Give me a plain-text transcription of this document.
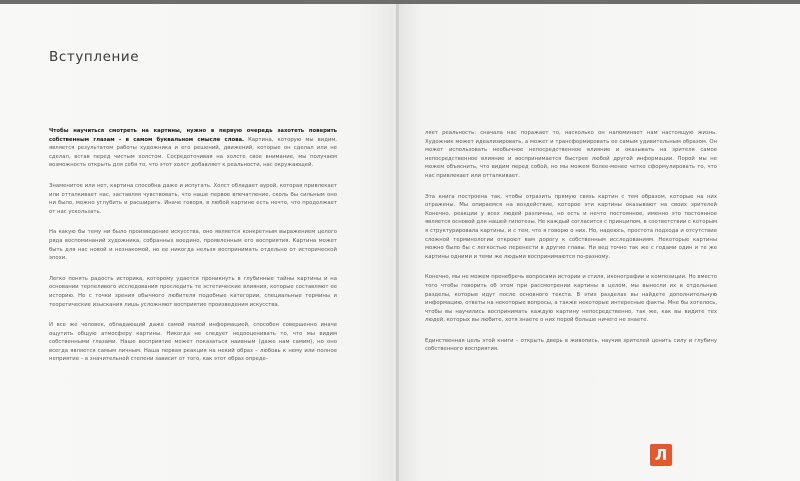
Вступление

Чтобы научиться смотреть на картины, нужно в первую очередь захотеть поверить собственным глазам – в самом буквальном смысле слова. Картина, которую мы видим, является результатом работы художника и его решений, движений, которые он сделал или не сделал, встав перед чистым холстом. Сосредоточивая на холсте свое внимание, мы получаем возможность открыть для себя то, что этот холст добавляет к реальности, нас окружающей.

Знаменитое или нет, картина способна даже и испугать. Холст обладает аурой, которая привлекает или отталкивает нас, заставляя чувствовать, что наше первое впечатление, сколь бы сильным оно ни было, можно углубить и расширить. Иначе говоря, в любой картине есть нечто, что продолжает от нас ускользать.

На какую бы тему ни было произведение искусства, оно является конкретным выражением целого ряда воспоминаний художника, собранных воедино, проявленным его восприятия. Картина может быть для нас новой и незнакомой, но ее никогда нельзя воспринимать отдельно от исторической эпохи.

Легко понять радость историка, которому удается проникнуть в глубинные тайны картины и на основании терпеливого исследования проследить те эстетические влияния, которые составляют ее историю. Но с точки зрения обычного любителя подобные категории, специальные термины и теоретические изыскания лишь усложняют восприятие произведения искусства.

И все же человек, обладающий даже самой малой информацией, способен совершенно иначе ощутить общую атмосферу картины. Никогда не следует недооценивать то, что мы видим собственными глазами. Наше восприятие может показаться наивным (даже нам самим), но оно всегда является самым личным. Наша первая реакция на некий образ – любовь к нему или полное неприятие – в значительной степени зависит от того, как этот образ опреде-

ляет реальность: сначала нас поражает то, насколько он напоминает нам настоящую жизнь. Художник может идеализировать, а может и трансформировать ее самым удивительным образом. Он может использовать необычное непосредственное влияние и оказывать на зрителя самое непосредственное влияние и воспринимается быстрее любой другой информации. Порой мы не можем объяснить, что видим перед собой, но мы можем более-менее четко сформулировать то, что нас привлекает или отталкивает.

Эта книга построена так, чтобы отразить прямую связь картин с тем образом, которые на них отражены. Мы опираемся на воздействие, которое эти картины оказывают на своих зрителей Конечно, реакции у всех людей различны, но есть и нечто постоянное, именно это постоянное является основой для нашей гипотезы. Не каждый согласится с принципом, в соответствии с которым я структурировала картины, и с тем, что я говорю о них. Но, надеюсь, простота подхода и отсутствие сложной терминологии откроют вам дорогу к собственным исследованиям. Некоторые картины можно было бы с легкостью перенести в другие главы. Ни вед точно так же с годами один и те же картины одними и теми же людьми воспринимаются по-разному.

Конечно, мы не можем пренебречь вопросами истории и стиля, иконографии и композиции. Но вместо того чтобы говорить об этом при рассмотрении картины в целом, мы вынесли их в отдельные разделы, которые идут после основного текста. В этих разделах вы найдете дополнительную информацию, ответы на некоторые вопросы, а также некоторые интересные факты. Мне бы хотелось, чтобы вы научились воспринимать каждую картину непосредственно, так же, как вы видите тех людей, которых вы любите, хотя знаете о них порой больше ничего не знаете.

Единственная цель этой книги – открыть дверь в живопись, научив зрителей ценить силу и глубину собственного восприятия.

Л
